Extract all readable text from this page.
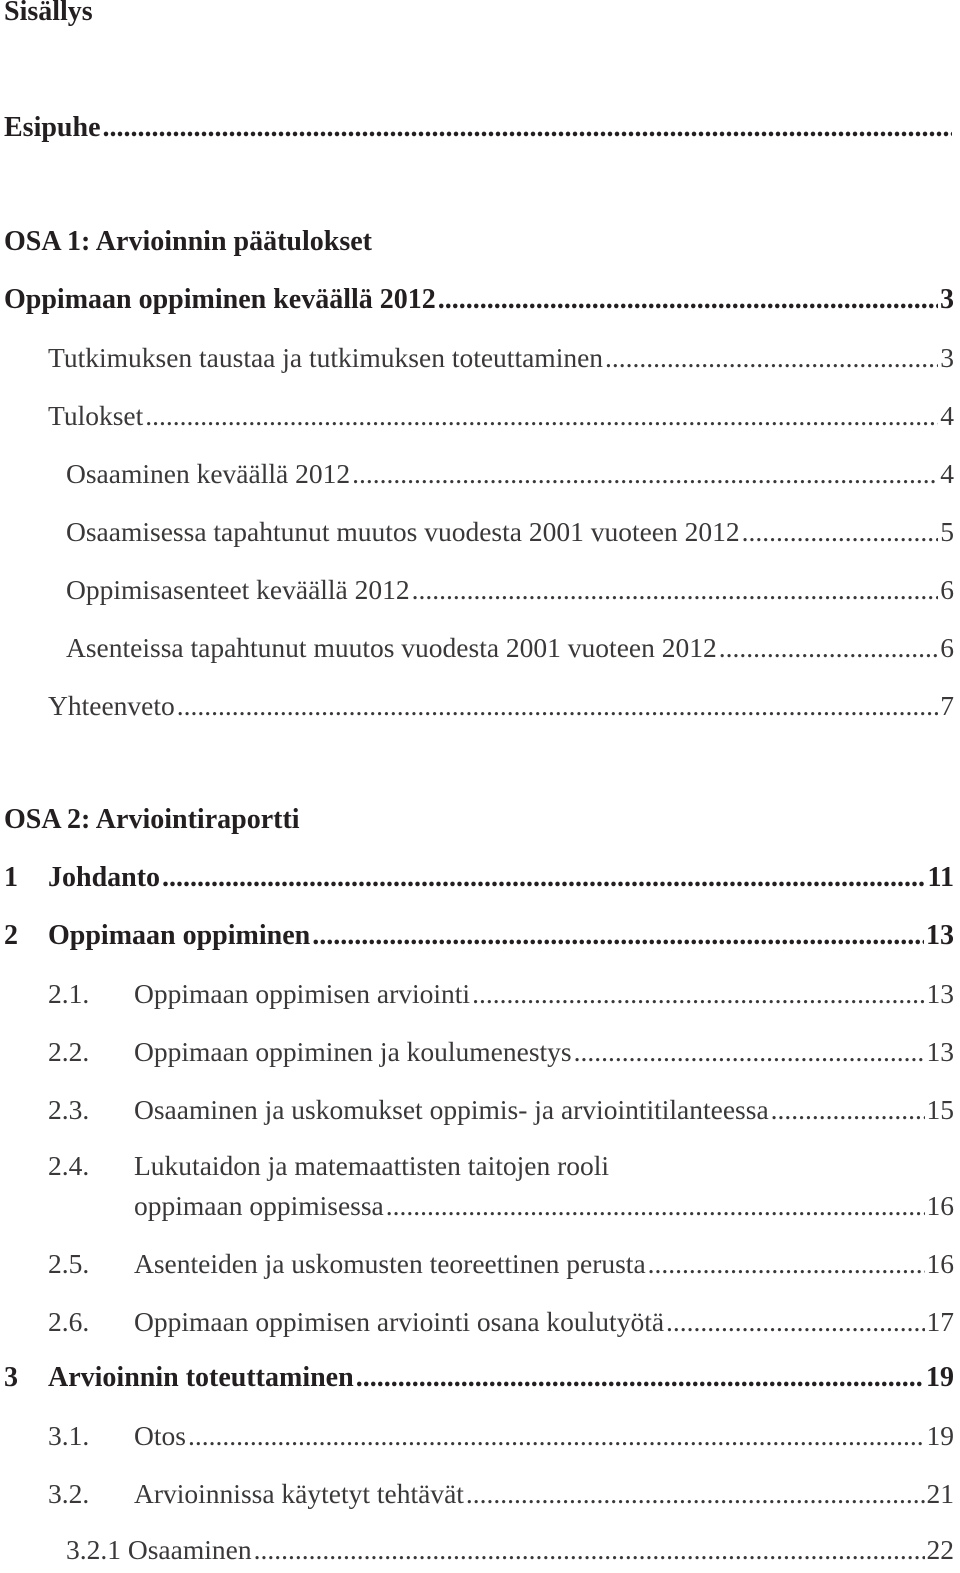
Sisällys
Esipuhe
.....
OSA 1: Arvioinnin päätulokset
Oppimaan oppiminen keväällä 2012 .....	3
Tutkimuksen taustaa ja tutkimuksen toteuttaminen .....	3
Tulokset .....	4
Osaaminen keväällä 2012 .....	4
Osaamisessa tapahtunut muutos vuodesta 2001 vuoteen 2012 .....	5
Oppimisasenteet keväällä 2012 .....	6
Asenteissa tapahtunut muutos vuodesta 2001 vuoteen 2012 .....	6
Yhteenveto .....	7
OSA 2: Arviointiraportti
1	Johdanto .....	11
2	Oppimaan oppiminen .....	13
2.1.	Oppimaan oppimisen arviointi .....	13
2.2.	Oppimaan oppiminen ja koulumenestys .....	13
2.3.	Osaaminen ja uskomukset oppimis- ja arviointitilanteessa .....	15
2.4. Lukutaidon ja matemaattisten taitojen rooli
oppimaan oppimisessa .....	16
2.5.	Asenteiden ja uskomusten teoreettinen perusta .....	16
2.6.	Oppimaan oppimisen arviointi osana koulutyötä .....	17
3	Arvioinnin toteuttaminen .....	19
3.1.	Otos .....	19
3.2.	Arvioinnissa käytetyt tehtävät .....	21
3.2.1 Osaaminen .....	22
